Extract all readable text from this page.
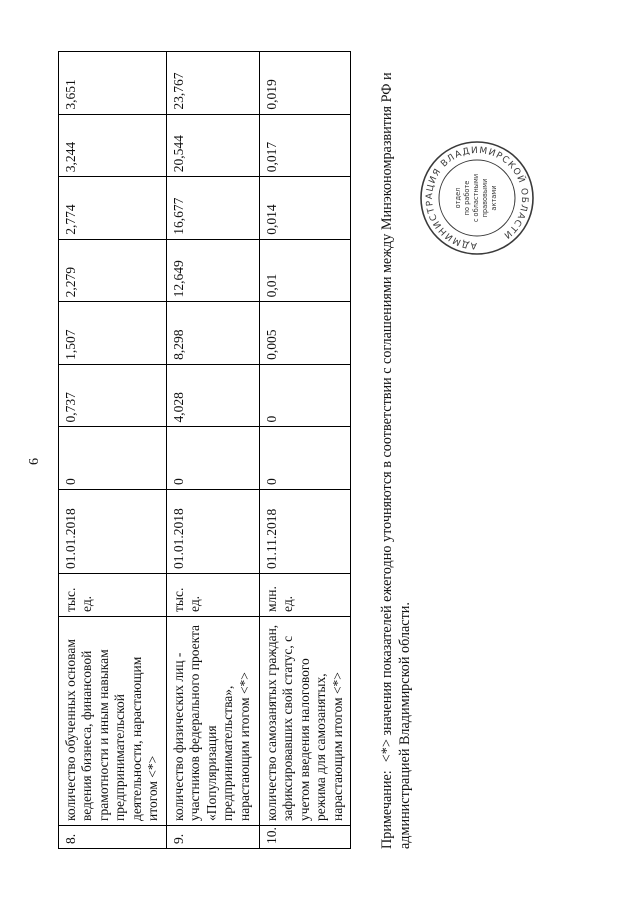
6
8.	количество обученных основам ведения бизнеса, финансовой грамотности и иным навыкам предпринимательской деятельности, нарастающим итогом <*>	тыс. ед.	01.01.2018	0	0,737	1,507	2,279	2,774	3,244	3,651
9.	количество физических лиц - участников федерального проекта «Популяризация предпринимательства», нарастающим итогом <*>	тыс. ед.	01.01.2018	0	4,028	8,298	12,649	16,677	20,544	23,767
10.	количество самозанятых граждан, зафиксировавших свой статус, с учетом введения налогового режима для самозанятых, нарастающим итогом <*>	млн. ед.	01.11.2018	0	0	0,005	0,01	0,014	0,017	0,019
Примечание:<*> значения показателей ежегодно уточняются в соответствии с соглашениями между Минэкономразвития РФ и администрацией Владимирской области.
АДМИНИСТРАЦИЯ ВЛАДИМИРСКОЙ ОБЛАСТИ
отдел по работе с областными правовыми актами
